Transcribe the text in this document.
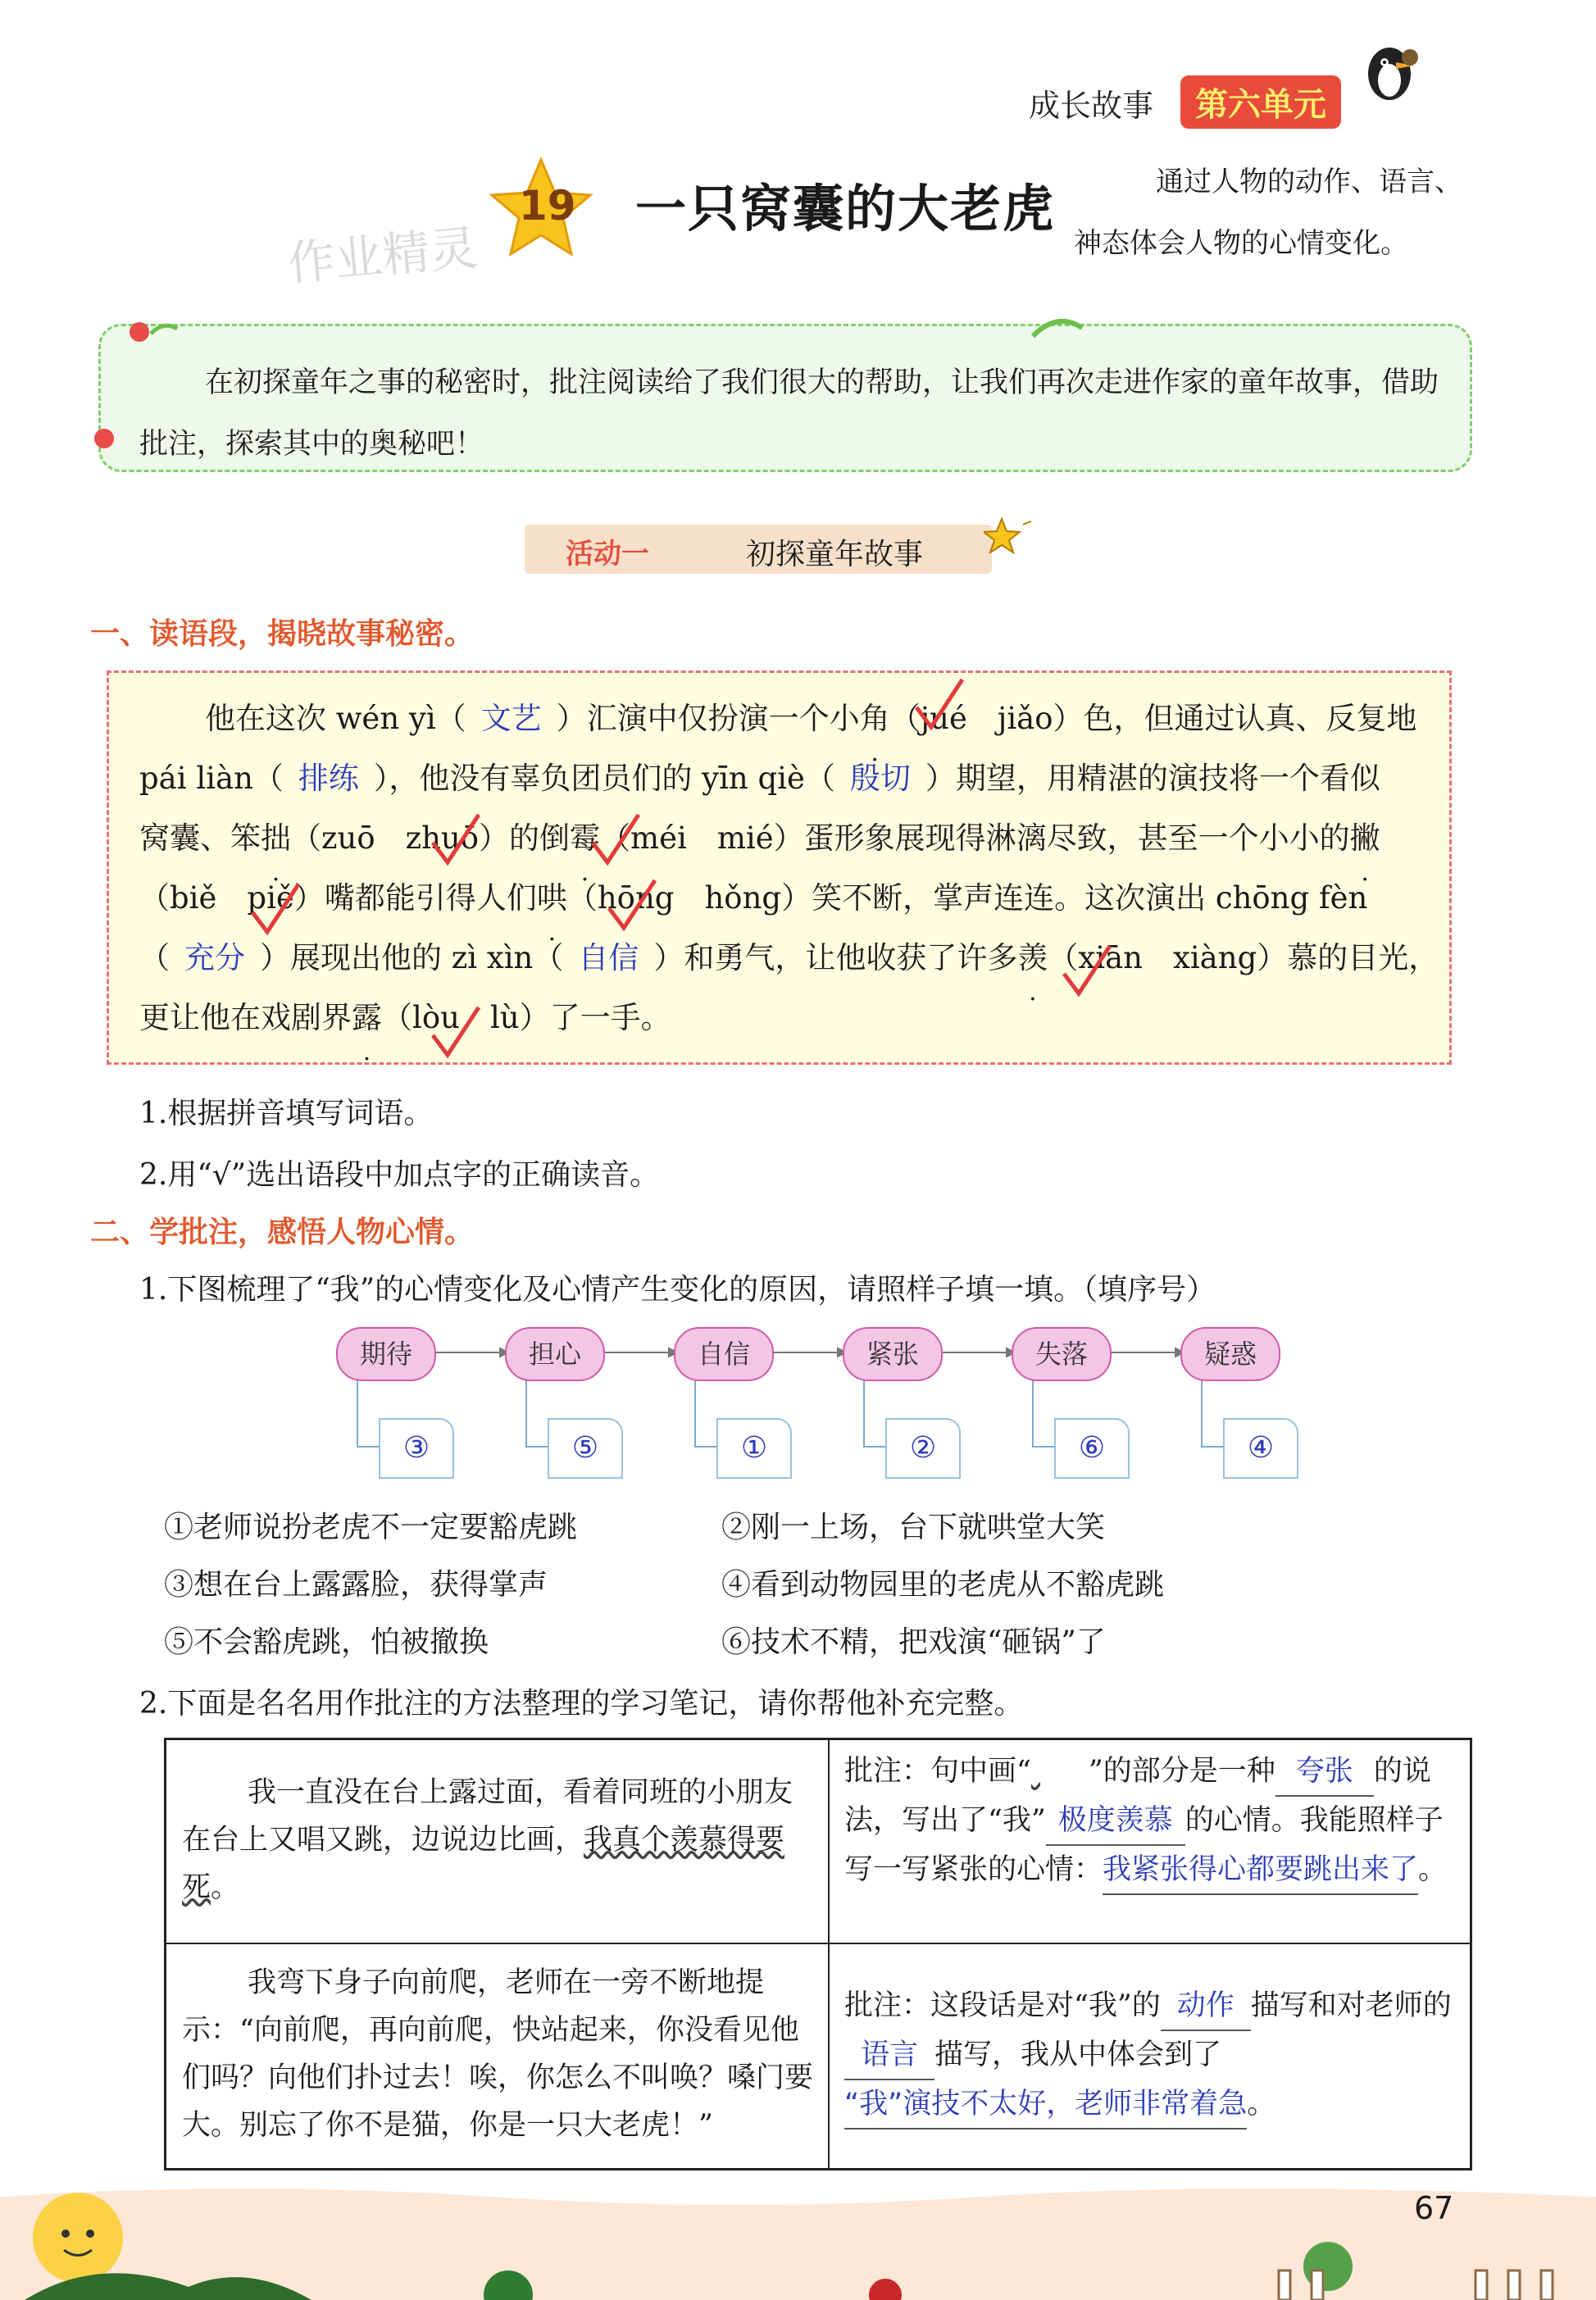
成长故事	第六单元
19 一只窝囊的大老虎	通过人物的动作、语言、
神态体会人物的心情变化。
作业精灵
在初探童年之事的秘密时，批注阅读给了我们很大的帮助，让我们再次走进作家的童年故事，借助批注，探索其中的奥秘吧！
活动一	初探童年故事
一、读语段，揭晓故事秘密。
他在这次 wén yì（ 文艺 ）汇演中仅扮演一个小角（jué　jiǎo）色，但通过认真、反复地
pái liàn（ 排练 ），他没有辜负团员们的 yīn qiè（ 殷切 ）期望，用精湛的演技将一个看似
窝囊、笨拙（zuō　zhuō）的倒霉（méi　mié）蛋形象展现得淋漓尽致，甚至一个小小的撇
（biě　piě）嘴都能引得人们哄（hōng　hǒng）笑不断，掌声连连。这次演出 chōng fèn
（ 充分 ）展现出他的 zì xìn（ 自信 ）和勇气，让他收获了许多羡（xiān　xiàng）慕的目光，
更让他在戏剧界露（lòu　lù）了一手。
1.根据拼音填写词语。
2.用“√”选出语段中加点字的正确读音。
二、学批注，感悟人物心情。
1.下图梳理了“我”的心情变化及心情产生变化的原因，请照样子填一填。（填序号）
期待	担心	自信	紧张	失落	疑惑
③	⑤	①	②	⑥	④
①老师说扮老虎不一定要豁虎跳	②刚一上场，台下就哄堂大笑
③想在台上露露脸，获得掌声	④看到动物园里的老虎从不豁虎跳
⑤不会豁虎跳，怕被撤换	⑥技术不精，把戏演“砸锅”了
2.下面是名名用作批注的方法整理的学习笔记，请你帮他补充完整。
我一直没在台上露过面，看着同班的小朋友在台上又唱又跳，边说边比画，我真个羡慕得要死。
批注：句中画“ ”的部分是一种 夸张 的说法，写出了“我” 极度羡慕 的心情。我能照样子写一写紧张的心情：我紧张得心都要跳出来了。
我弯下身子向前爬，老师在一旁不断地提示：“向前爬，再向前爬，快站起来，你没看见他们吗？向他们扑过去！唉，你怎么不叫唤？嗓门要大。别忘了你不是猫，你是一只大老虎！”
批注：这段话是对“我”的 动作 描写和对老师的语言 描写，我从中体会到了“我”演技不太好，老师非常着急。
67
